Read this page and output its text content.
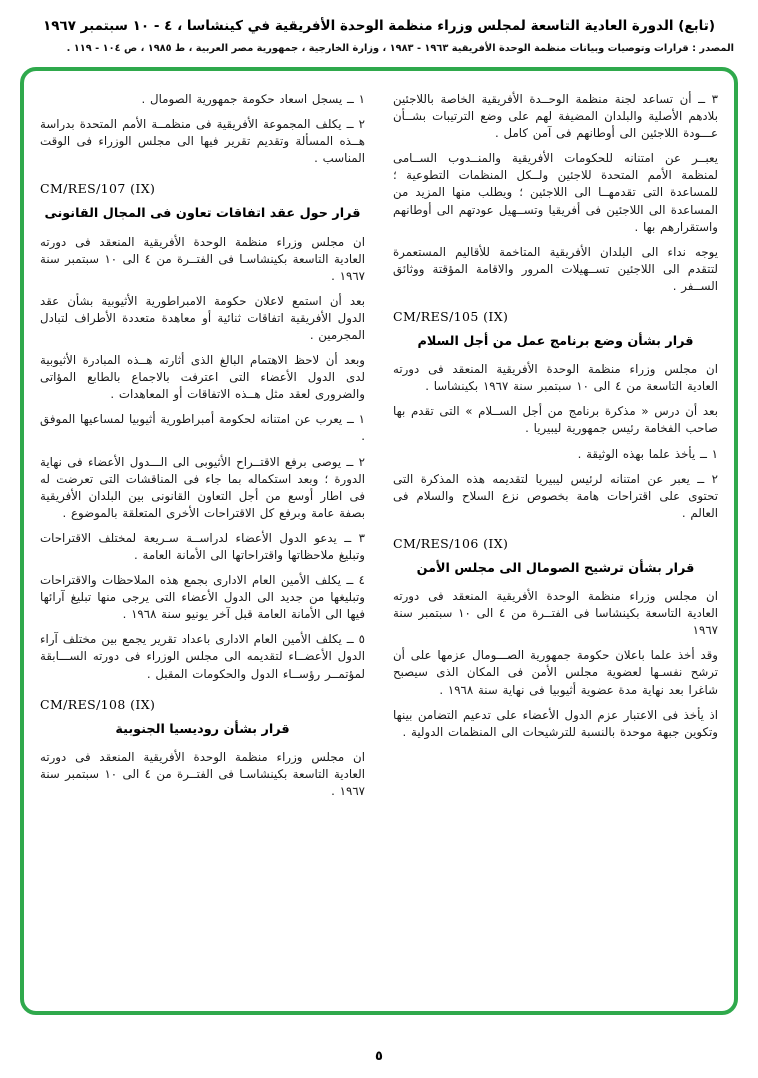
(تابع) الدورة العادية التاسعة لمجلس وزراء منظمة الوحدة الأفريقية في كينشاسا ، ٤ - ١٠ سبتمبر ١٩٦٧
المصدر : قرارات وتوصيات وبيانات منظمة الوحدة الأفريقية ١٩٦٣ - ١٩٨٣ ، وزارة الخارجية ، جمهورية مصر العربية ، ط ١٩٨٥ ، ص ١٠٤ - ١١٩ .

٣ ــ أن تساعد لجنة منظمة الوحــدة الأفريقية الخاصة باللاجئين بلادهم الأصلية والبلدان المضيفة لهم على وضع الترتيبات بشــأن عـــودة اللاجئين الى أوطانهم فى آمن كامل .

يعبــر عن امتنانه للحكومات الأفريقية والمنــدوب الســامى لمنظمة الأمم المتحدة للاجئين ولــكل المنظمات التطوعية ؛ للمساعدة التى تقدمهــا الى اللاجئين ؛ ويطلب منها المزيد من المساعدة الى اللاجئين فى أفريقيا وتســهيل عودتهم الى أوطانهم واستقرارهم بها .

يوجه نداء الى البلدان الأفريقية المتاخمة للأقاليم المستعمرة لتتقدم الى اللاجئين تســهيلات المرور والاقامة المؤقتة ووثائق الســفر .

CM/RES/105 (IX)
قرار بشأن وضع برنامج عمل من أجل السلام

ان مجلس وزراء منظمة الوحدة الأفريقية المنعقد فى دورته العادية التاسعة من ٤ الى ١٠ سبتمبر سنة ١٩٦٧ بكينشاسا .

بعد أن درس « مذكرة برنامج من أجل الســلام » التى تقدم بها صاحب الفخامة رئيس جمهورية ليبيريا .

١ ــ يأخذ علما بهذه الوثيقة .

٢ ــ يعبر عن امتنانه لرئيس ليبيريا لتقديمه هذه المذكرة التى تحتوى على اقتراحات هامة بخصوص نزع السلاح والسلام فى العالم .

CM/RES/106 (IX)
قرار بشأن ترشيح الصومال الى مجلس الأمن

ان مجلس وزراء منظمة الوحدة الأفريقية المنعقد فى دورته العادية التاسعة بكينشاسا فى الفتــرة من ٤ الى ١٠ سبتمبر سنة ١٩٦٧

وقد أخذ علما باعلان حكومة جمهورية الصـــومال عزمها على أن ترشح نفسـها لعضوية مجلس الأمن فى المكان الذى سيصبح شاغرا بعد نهاية مدة عضوية أثيوبيا فى نهاية سنة ١٩٦٨ .

اذ يأخذ فى الاعتبار عزم الدول الأعضاء على تدعيم التضامن بينها وتكوين جبهة موحدة بالنسبة للترشيحات الى المنظمات الدولية .

١ ــ يسجل اسعاد حكومة جمهورية الصومال .

٢ ــ يكلف المجموعة الأفريقية فى منظمــة الأمم المتحدة بدراسة هــذه المسألة وتقديم تقرير فيها الى مجلس الوزراء فى الوقت المناسب .

CM/RES/107 (IX)
قرار حول عقد اتفاقات تعاون فى المجال القانونى

ان مجلس وزراء منظمة الوحدة الأفريقية المنعقد فى دورته العادية التاسعة بكينشاسـا فى الفتــرة من ٤ الى ١٠ سبتمبر سنة ١٩٦٧ .

بعد أن استمع لاعلان حكومة الامبراطورية الأثيوبية بشأن عقد الدول الأفريقية اتفاقات ثنائية أو معاهدة متعددة الأطراف لتبادل المجرمين .

وبعد أن لاحظ الاهتمام البالغ الذى أثارته هــذه المبادرة الأثيوبية لدى الدول الأعضاء التى اعترفت بالاجماع بالطابع المؤاتى والضرورى لعقد مثل هــذه الاتفاقات أو المعاهدات .

١ ــ يعرب عن امتنانه لحكومة أمبراطورية أثيوبيا لمساعيها الموفق .

٢ ــ يوصى برفع الاقتــراح الأثيوبى الى الـــدول الأعضاء فى نهاية الدورة ؛ وبعد استكماله بما جاء فى المناقشات التى تعرضت له فى اطار أوسع من أجل التعاون القانونى بين البلدان الأفريقية بصفة عامة وبرفع كل الاقتراحات الأخرى المتعلقة بالموضوع .

٣ ــ يدعو الدول الأعضاء لدراســة سـريعة لمختلف الاقتراحات وتبليغ ملاحظاتها واقتراحاتها الى الأمانة العامة .

٤ ــ يكلف الأمين العام الادارى بجمع هذه الملاحظات والاقتراحات وتبليغها من جديد الى الدول الأعضاء التى يرجى منها تبليغ آرائها فيها الى الأمانة العامة قبل آخر يونيو سنة ١٩٦٨ .

٥ ــ يكلف الأمين العام الادارى باعداد تقرير يجمع بين مختلف آراء الدول الأعضــاء لتقديمه الى مجلس الوزراء فى دورته الســـابقة لمؤتمــر رؤســاء الدول والحكومات المقبل .

CM/RES/108 (IX)
قرار بشأن روديسيا الجنوبية

ان مجلس وزراء منظمة الوحدة الأفريقية المنعقد فى دورته العادية التاسعة بكينشاسـا فى الفتــرة من ٤ الى ١٠ سبتمبر سنة ١٩٦٧ .

٥
